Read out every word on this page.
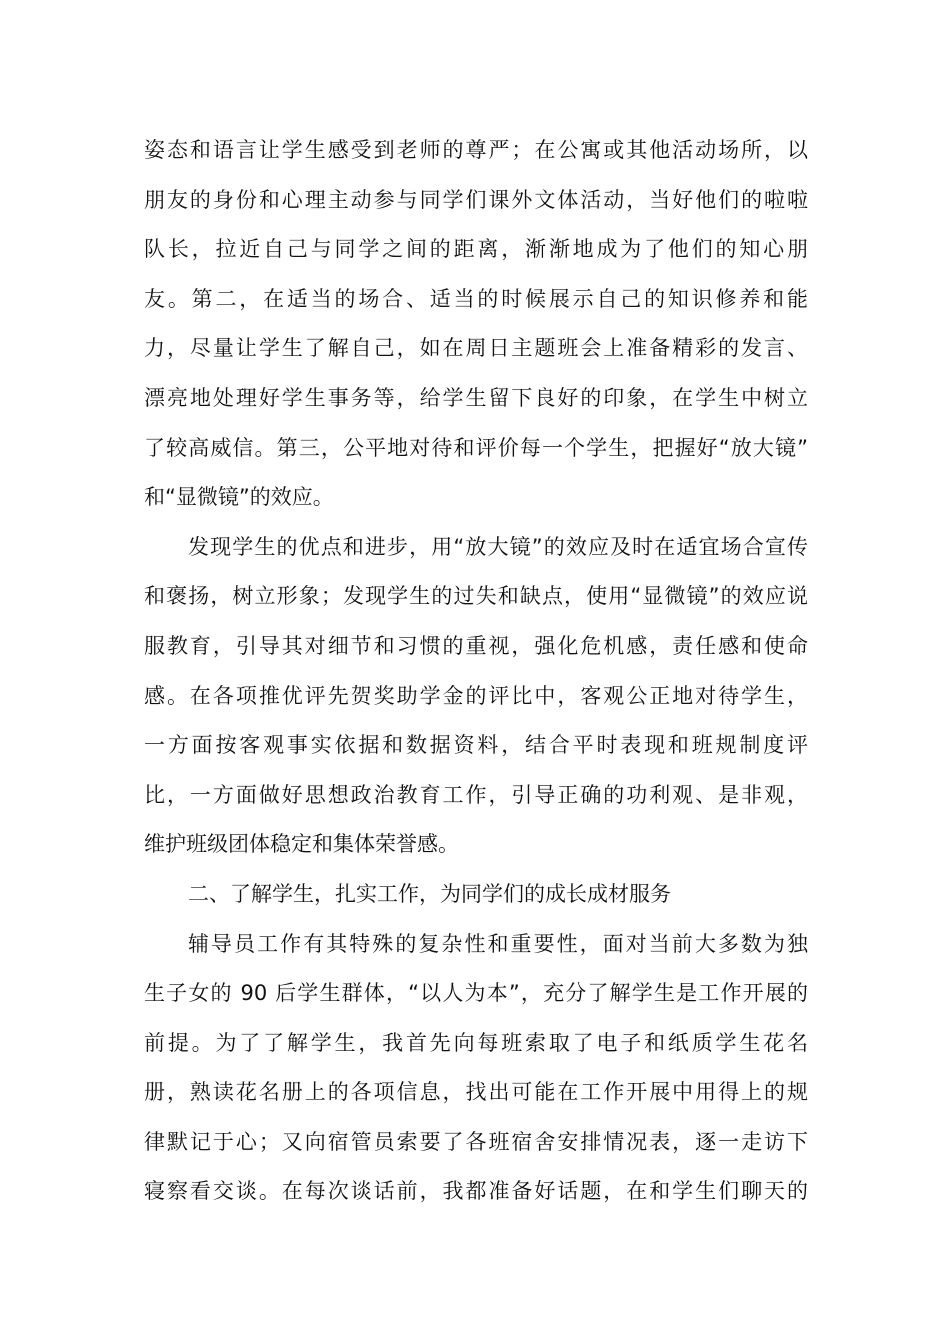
姿态和语言让学生感受到老师的尊严；在公寓或其他活动场所，以
朋友的身份和心理主动参与同学们课外文体活动，当好他们的啦啦
队长，拉近自己与同学之间的距离，渐渐地成为了他们的知心朋
友。第二，在适当的场合、适当的时候展示自己的知识修养和能
力，尽量让学生了解自己，如在周日主题班会上准备精彩的发言、
漂亮地处理好学生事务等，给学生留下良好的印象，在学生中树立
了较高威信。第三，公平地对待和评价每一个学生，把握好“放大镜”
和“显微镜”的效应。
发现学生的优点和进步，用“放大镜”的效应及时在适宜场合宣传
和褒扬，树立形象；发现学生的过失和缺点，使用“显微镜”的效应说
服教育，引导其对细节和习惯的重视，强化危机感，责任感和使命
感。在各项推优评先贺奖助学金的评比中，客观公正地对待学生，
一方面按客观事实依据和数据资料，结合平时表现和班规制度评
比，一方面做好思想政治教育工作，引导正确的功利观、是非观，
维护班级团体稳定和集体荣誉感。
二、了解学生，扎实工作，为同学们的成长成材服务
辅导员工作有其特殊的复杂性和重要性，面对当前大多数为独
生子女的 90 后学生群体，“以人为本”，充分了解学生是工作开展的
前提。为了了解学生，我首先向每班索取了电子和纸质学生花名
册，熟读花名册上的各项信息，找出可能在工作开展中用得上的规
律默记于心；又向宿管员索要了各班宿舍安排情况表，逐一走访下
寝察看交谈。在每次谈话前，我都准备好话题，在和学生们聊天的
